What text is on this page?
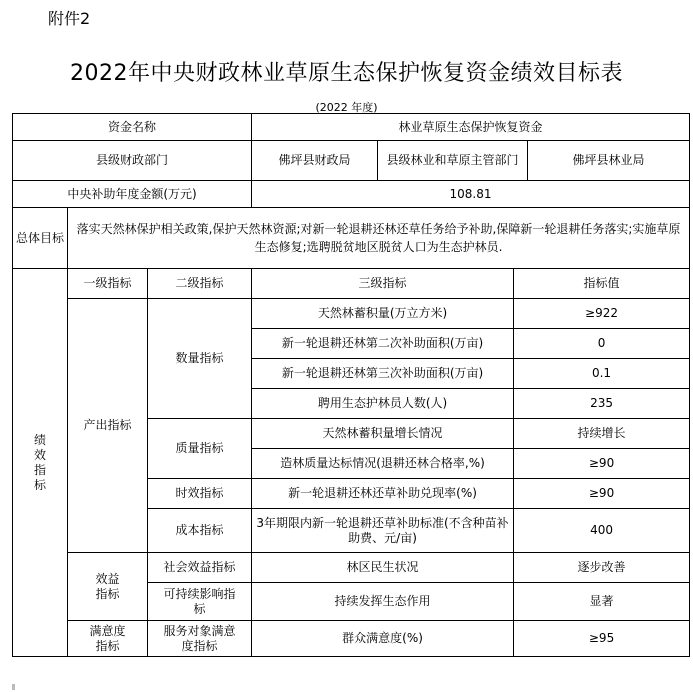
附件2
2022年中央财政林业草原生态保护恢复资金绩效目标表
(2022 年度)
资金名称	林业草原生态保护恢复资金
县级财政部门		佛坪县财政局	县级林业和草原主管部门	佛坪县林业局

中央补助年度金额(万元)	108.81
总体目标	落实天然林保护相关政策,保护天然林资源;对新一轮退耕还林还草任务给予补助,保障新一轮退耕任务落实;实施草原生态修复;选聘脱贫地区脱贫人口为生态护林员.
绩效指标	一级指标	二级指标	三级指标	指标值
产出指标	数量指标	天然林蓄积量(万立方米)	≥922
新一轮退耕还林第二次补助面积(万亩)	0
新一轮退耕还林第三次补助面积(万亩)	0.1
聘用生态护林员人数(人)	235
质量指标	天然林蓄积量增长情况	持续增长
造林质量达标情况(退耕还林合格率,%)	≥90
时效指标	新一轮退耕还林还草补助兑现率(%)	≥90
成本指标	3年期限内新一轮退耕还草补助标准(不含种苗补助费、元/亩)	400
效益指标	社会效益指标	林区民生状况	逐步改善
可持续影响指标	持续发挥生态作用	显著
满意度指标	服务对象满意度指标	群众满意度(%)	≥95
